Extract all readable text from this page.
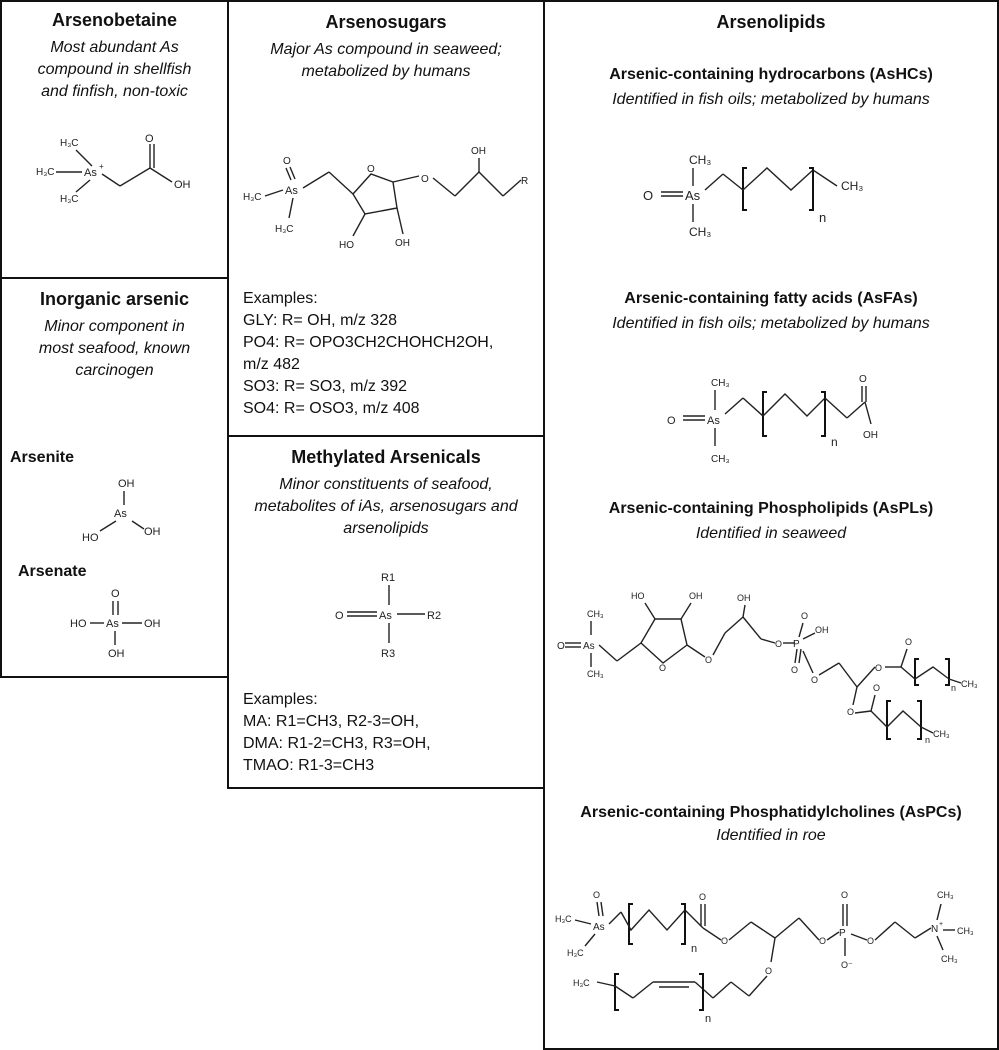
Arsenobetaine
Most abundant As
compound in shellfish
and finfish, non-toxic
H₃C
H₃C	As
+
H₃C
O
OH
Inorganic arsenic
Minor component in
most seafood, known
carcinogen
Arsenite
OH
As
HO	OH
Arsenate
O
As
HO	OH
OH
Arsenosugars
Major As compound in seaweed;
metabolized by humans
O
As
H₃C
H₃C
O
HO	OH
O
OH
R
Examples:
GLY: R= OH, m/z 328
PO4: R= OPO3CH2CHOHCH2OH,
m/z 482
SO3: R= SO3, m/z 392
SO4: R= OSO3, m/z 408
Methylated Arsenicals
Minor constituents of seafood,
metabolites of iAs, arsenosugars and
arsenolipids
R1
As
O	R2
R3
Examples:
MA: R1=CH3, R2-3=OH,
DMA: R1-2=CH3, R3=OH,
TMAO: R1-3=CH3
Arsenolipids
Arsenic-containing hydrocarbons (AsHCs)
Identified in fish oils; metabolized by humans
CH₃
As
O
CH₃
n
CH₃
Arsenic-containing fatty acids (AsFAs)
Identified in fish oils; metabolized by humans
CH₃
As
O
CH₃
n
O
OH
Arsenic-containing Phospholipids (AsPLs)
Identified in seaweed
CH₃
As
O
CH₃
O
HO	OH
O
OH
O P
O
OH
O
O
O
O
n CH₃
O
O
n
CH₃
Arsenic-containing Phosphatidylcholines (AsPCs)
Identified in roe
O
As
H₃C
H₃C	n
O
O	O
P
O
O⁻
O
N +
CH₃
CH₃
CH₃
O
H₃C
n
